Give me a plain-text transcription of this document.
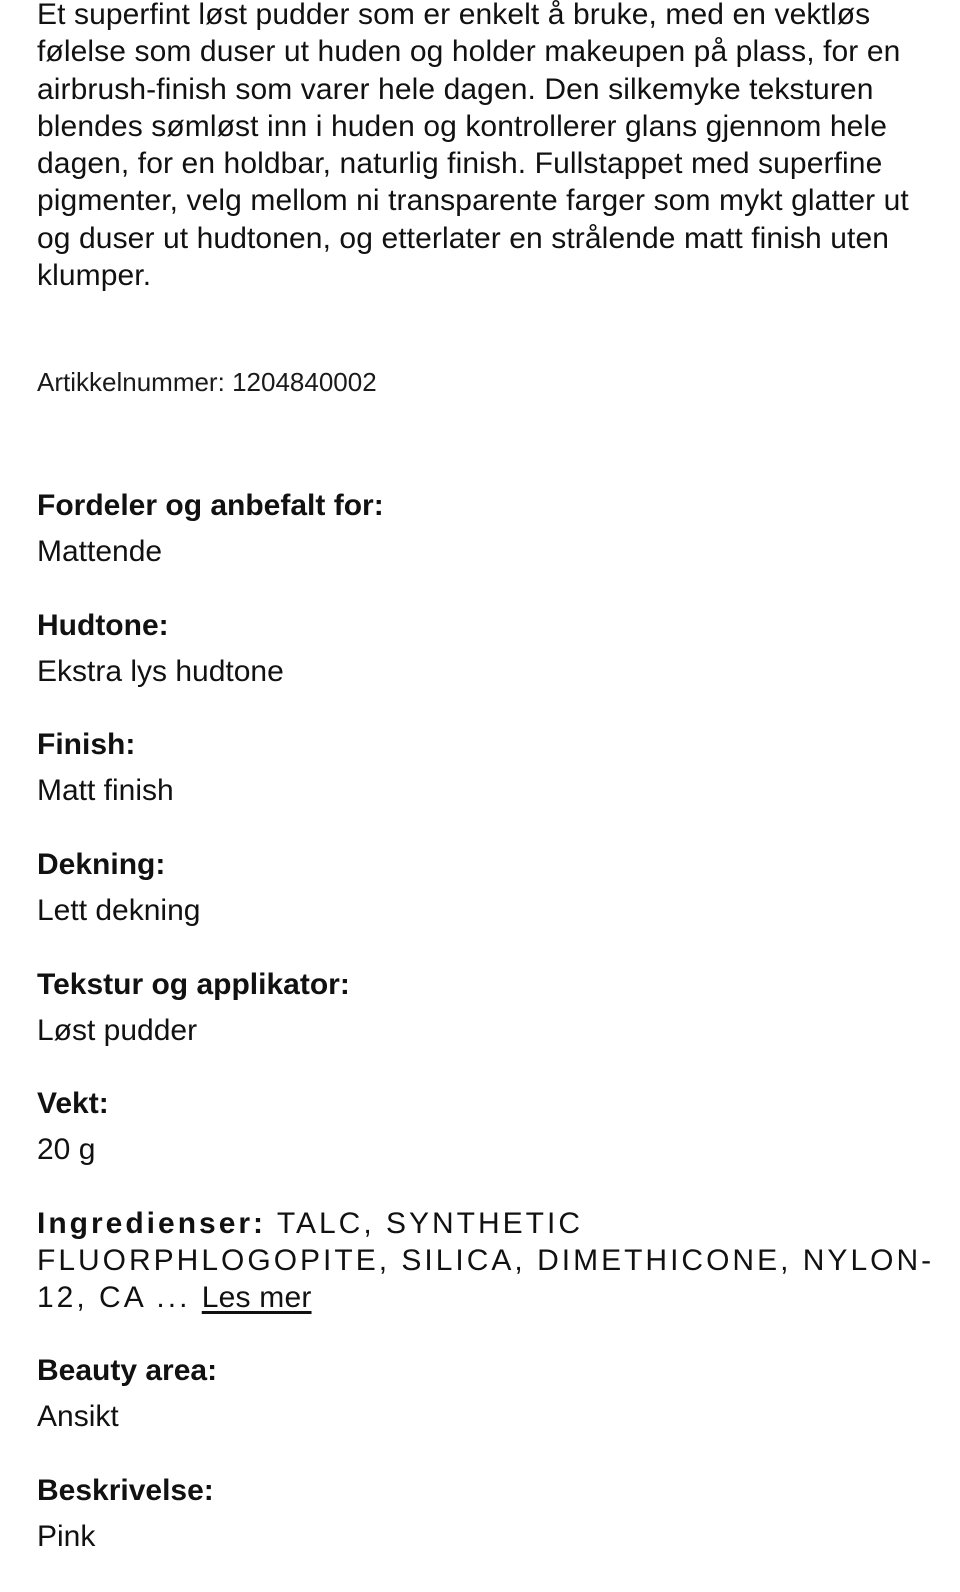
Et superfint løst pudder som er enkelt å bruke, med en vektløs følelse som duser ut huden og holder makeupen på plass, for en airbrush-finish som varer hele dagen. Den silkemyke teksturen blendes sømløst inn i huden og kontrollerer glans gjennom hele dagen, for en holdbar, naturlig finish. Fullstappet med superfine pigmenter, velg mellom ni transparente farger som mykt glatter ut og duser ut hudtonen, og etterlater en strålende matt finish uten klumper.

Artikkelnummer: 1204840002

Fordeler og anbefalt for:

Mattende

Hudtone:

Ekstra lys hudtone

Finish:

Matt finish

Dekning:

Lett dekning

Tekstur og applikator:

Løst pudder

Vekt:

20 g

Ingredienser: TALC, SYNTHETIC FLUORPHLOGOPITE, SILICA, DIMETHICONE, NYLON-12, CA ... Les mer

Beauty area:

Ansikt

Beskrivelse:

Pink
